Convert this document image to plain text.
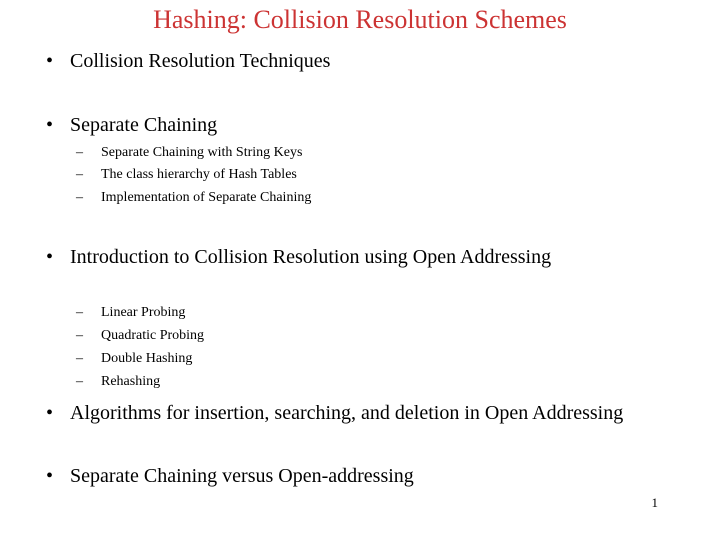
Hashing: Collision Resolution Schemes
• Collision Resolution Techniques
• Separate Chaining
– Separate Chaining with String Keys
– The class hierarchy of Hash Tables
– Implementation of Separate Chaining
• Introduction to Collision Resolution using Open Addressing
– Linear Probing
– Quadratic Probing
– Double Hashing
– Rehashing
• Algorithms for insertion, searching, and deletion in Open Addressing
• Separate Chaining versus Open-addressing
1
